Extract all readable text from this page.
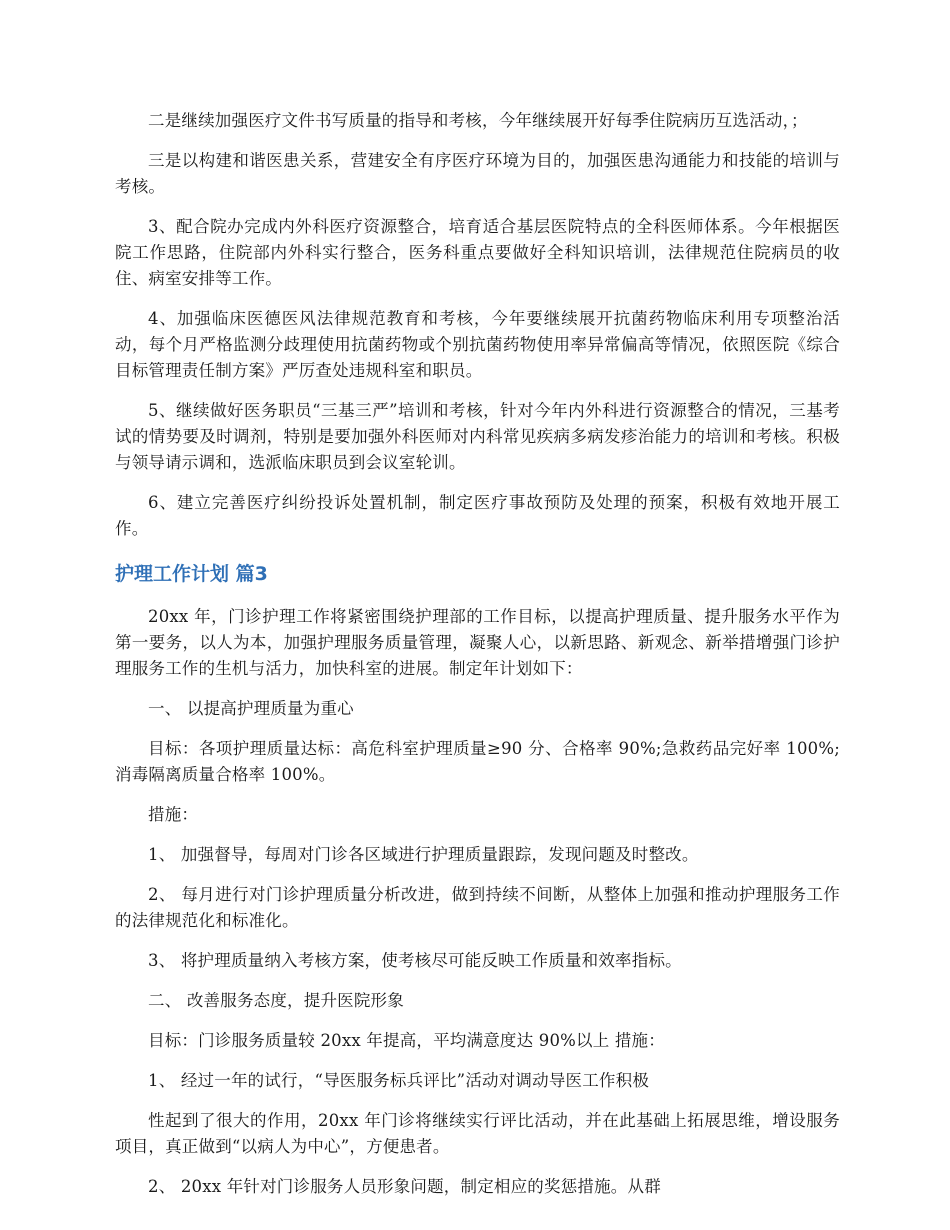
二是继续加强医疗文件书写质量的指导和考核，今年继续展开好每季住院病历互选活动，；

三是以构建和谐医患关系，营建安全有序医疗环境为目的，加强医患沟通能力和技能的培训与考核。

3、配合院办完成内外科医疗资源整合，培育适合基层医院特点的全科医师体系。今年根据医院工作思路，住院部内外科实行整合，医务科重点要做好全科知识培训，法律规范住院病员的收住、病室安排等工作。

4、加强临床医德医风法律规范教育和考核，今年要继续展开抗菌药物临床利用专项整治活动，每个月严格监测分歧理使用抗菌药物或个别抗菌药物使用率异常偏高等情况，依照医院《综合目标管理责任制方案》严厉查处违规科室和职员。

5、继续做好医务职员“三基三严”培训和考核，针对今年内外科进行资源整合的情况，三基考试的情势要及时调剂，特别是要加强外科医师对内科常见疾病多病发疹治能力的培训和考核。积极与领导请示调和，选派临床职员到会议室轮训。

6、建立完善医疗纠纷投诉处置机制，制定医疗事故预防及处理的预案，积极有效地开展工作。

护理工作计划 篇3

20xx 年，门诊护理工作将紧密围绕护理部的工作目标，以提高护理质量、提升服务水平作为第一要务，以人为本，加强护理服务质量管理，凝聚人心，以新思路、新观念、新举措增强门诊护理服务工作的生机与活力，加快科室的进展。制定年计划如下：

一、 以提高护理质量为重心

目标：各项护理质量达标：高危科室护理质量≥90 分、合格率 90%;急救药品完好率 100%;消毒隔离质量合格率 100%。

措施：

1、 加强督导，每周对门诊各区域进行护理质量跟踪，发现问题及时整改。

2、 每月进行对门诊护理质量分析改进，做到持续不间断，从整体上加强和推动护理服务工作的法律规范化和标准化。

3、 将护理质量纳入考核方案，使考核尽可能反映工作质量和效率指标。

二、 改善服务态度，提升医院形象

目标：门诊服务质量较 20xx 年提高，平均满意度达 90%以上 措施：

1、 经过一年的试行，“导医服务标兵评比”活动对调动导医工作积极

性起到了很大的作用，20xx 年门诊将继续实行评比活动，并在此基础上拓展思维，增设服务项目，真正做到“以病人为中心”，方便患者。

2、 20xx 年针对门诊服务人员形象问题，制定相应的奖惩措施。从群
